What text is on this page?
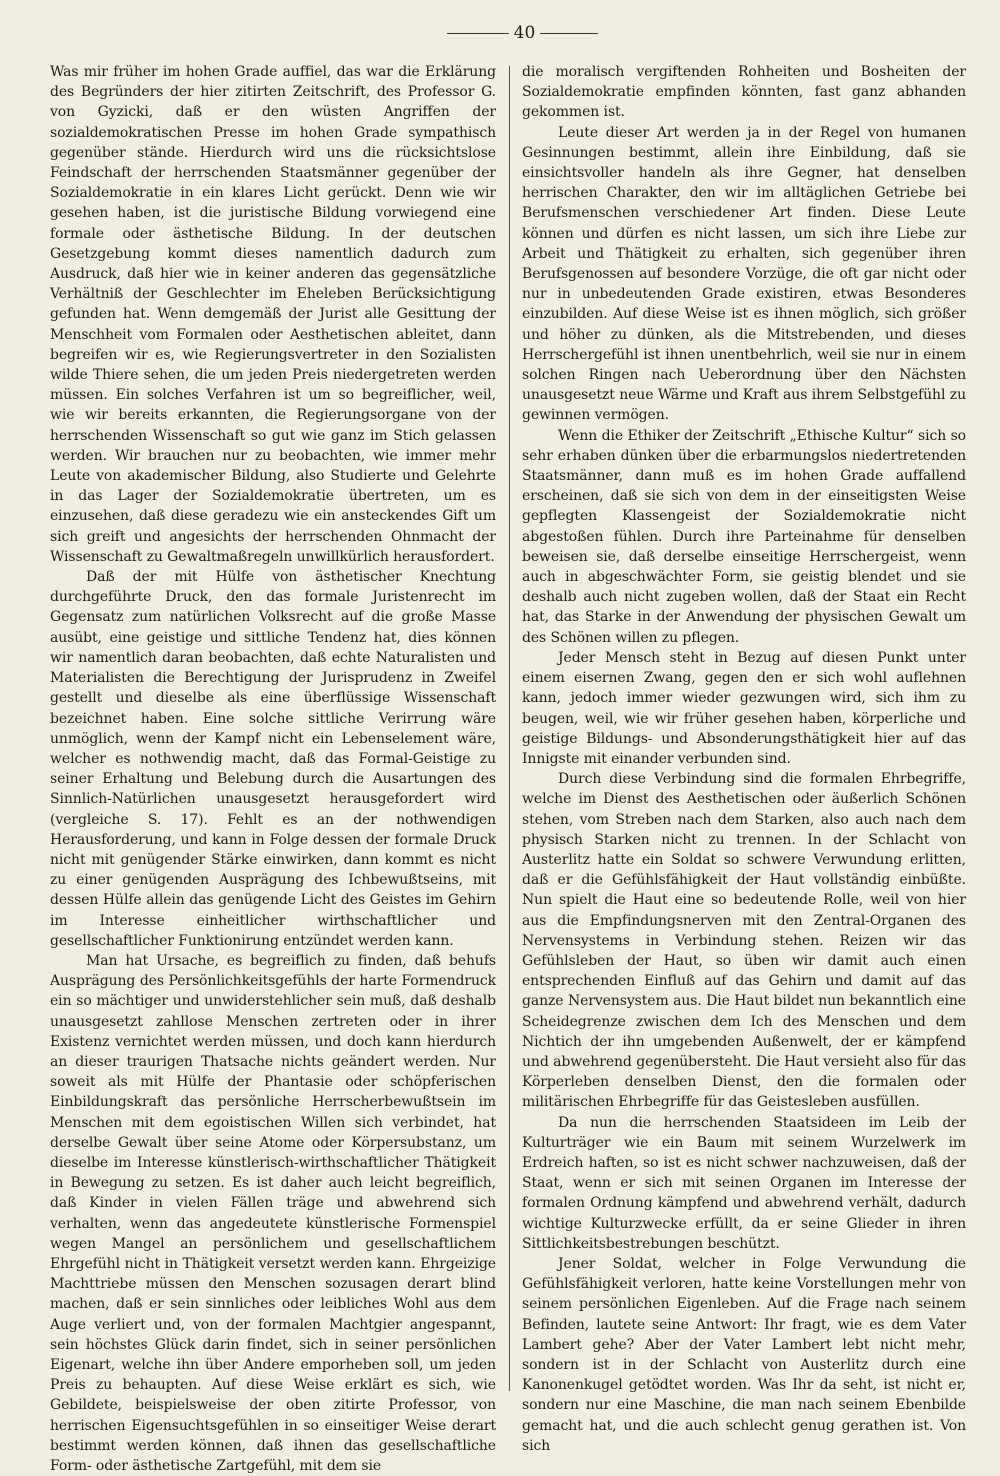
40

Was mir früher im hohen Grade auffiel, das war die Erklärung des Begründers der hier zitirten Zeitschrift, des Professor G. von Gyzicki, daß er den wüsten Angriffen der sozialdemokratischen Presse im hohen Grade sympathisch gegenüber stände. Hierdurch wird uns die rücksichtslose Feindschaft der herrschenden Staatsmänner gegenüber der Sozialdemokratie in ein klares Licht gerückt. Denn wie wir gesehen haben, ist die juristische Bildung vorwiegend eine formale oder ästhetische Bildung. In der deutschen Gesetzgebung kommt dieses namentlich dadurch zum Ausdruck, daß hier wie in keiner anderen das gegensätzliche Verhältniß der Geschlechter im Eheleben Berücksichtigung gefunden hat. Wenn demgemäß der Jurist alle Gesittung der Menschheit vom Formalen oder Aesthetischen ableitet, dann begreifen wir es, wie Regierungsvertreter in den Sozialisten wilde Thiere sehen, die um jeden Preis niedergetreten werden müssen. Ein solches Verfahren ist um so begreiflicher, weil, wie wir bereits erkannten, die Regierungsorgane von der herrschenden Wissenschaft so gut wie ganz im Stich gelassen werden. Wir brauchen nur zu beobachten, wie immer mehr Leute von akademischer Bildung, also Studierte und Gelehrte in das Lager der Sozialdemokratie übertreten, um es einzusehen, daß diese geradezu wie ein ansteckendes Gift um sich greift und angesichts der herrschenden Ohnmacht der Wissenschaft zu Gewaltmaßregeln unwillkürlich herausfordert.

Daß der mit Hülfe von ästhetischer Knechtung durchgeführte Druck, den das formale Juristenrecht im Gegensatz zum natürlichen Volksrecht auf die große Masse ausübt, eine geistige und sittliche Tendenz hat, dies können wir namentlich daran beobachten, daß echte Naturalisten und Materialisten die Berechtigung der Jurisprudenz in Zweifel gestellt und dieselbe als eine überflüssige Wissenschaft bezeichnet haben. Eine solche sittliche Verirrung wäre unmöglich, wenn der Kampf nicht ein Lebenselement wäre, welcher es nothwendig macht, daß das Formal-Geistige zu seiner Erhaltung und Belebung durch die Ausartungen des Sinnlich-Natürlichen unausgesetzt herausgefordert wird (vergleiche S. 17). Fehlt es an der nothwendigen Herausforderung, und kann in Folge dessen der formale Druck nicht mit genügender Stärke einwirken, dann kommt es nicht zu einer genügenden Ausprägung des Ichbewußtseins, mit dessen Hülfe allein das genügende Licht des Geistes im Gehirn im Interesse einheitlicher wirthschaftlicher und gesellschaftlicher Funktionirung entzündet werden kann.

Man hat Ursache, es begreiflich zu finden, daß behufs Ausprägung des Persönlichkeitsgefühls der harte Formendruck ein so mächtiger und unwiderstehlicher sein muß, daß deshalb unausgesetzt zahllose Menschen zertreten oder in ihrer Existenz vernichtet werden müssen, und doch kann hierdurch an dieser traurigen Thatsache nichts geändert werden. Nur soweit als mit Hülfe der Phantasie oder schöpferischen Einbildungskraft das persönliche Herrscherbewußtsein im Menschen mit dem egoistischen Willen sich verbindet, hat derselbe Gewalt über seine Atome oder Körpersubstanz, um dieselbe im Interesse künstlerisch-wirthschaftlicher Thätigkeit in Bewegung zu setzen. Es ist daher auch leicht begreiflich, daß Kinder in vielen Fällen träge und abwehrend sich verhalten, wenn das angedeutete künstlerische Formenspiel wegen Mangel an persönlichem und gesellschaftlichem Ehrgefühl nicht in Thätigkeit versetzt werden kann. Ehrgeizige Machttriebe müssen den Menschen sozusagen derart blind machen, daß er sein sinnliches oder leibliches Wohl aus dem Auge verliert und, von der formalen Machtgier angespannt, sein höchstes Glück darin findet, sich in seiner persönlichen Eigenart, welche ihn über Andere emporheben soll, um jeden Preis zu behaupten. Auf diese Weise erklärt es sich, wie Gebildete, beispielsweise der oben zitirte Professor, von herrischen Eigensuchtsgefühlen in so einseitiger Weise derart bestimmt werden können, daß ihnen das gesellschaftliche Form- oder ästhetische Zartgefühl, mit dem sie

die moralisch vergiftenden Rohheiten und Bosheiten der Sozialdemokratie empfinden könnten, fast ganz abhanden gekommen ist.

Leute dieser Art werden ja in der Regel von humanen Gesinnungen bestimmt, allein ihre Einbildung, daß sie einsichtsvoller handeln als ihre Gegner, hat denselben herrischen Charakter, den wir im alltäglichen Getriebe bei Berufsmenschen verschiedener Art finden. Diese Leute können und dürfen es nicht lassen, um sich ihre Liebe zur Arbeit und Thätigkeit zu erhalten, sich gegenüber ihren Berufsgenossen auf besondere Vorzüge, die oft gar nicht oder nur in unbedeutenden Grade existiren, etwas Besonderes einzubilden. Auf diese Weise ist es ihnen möglich, sich größer und höher zu dünken, als die Mitstrebenden, und dieses Herrschergefühl ist ihnen unentbehrlich, weil sie nur in einem solchen Ringen nach Ueberordnung über den Nächsten unausgesetzt neue Wärme und Kraft aus ihrem Selbstgefühl zu gewinnen vermögen.

Wenn die Ethiker der Zeitschrift „Ethische Kultur“ sich so sehr erhaben dünken über die erbarmungslos niedertretenden Staatsmänner, dann muß es im hohen Grade auffallend erscheinen, daß sie sich von dem in der einseitigsten Weise gepflegten Klassengeist der Sozialdemokratie nicht abgestoßen fühlen. Durch ihre Parteinahme für denselben beweisen sie, daß derselbe einseitige Herrschergeist, wenn auch in abgeschwächter Form, sie geistig blendet und sie deshalb auch nicht zugeben wollen, daß der Staat ein Recht hat, das Starke in der Anwendung der physischen Gewalt um des Schönen willen zu pflegen.

Jeder Mensch steht in Bezug auf diesen Punkt unter einem eisernen Zwang, gegen den er sich wohl auflehnen kann, jedoch immer wieder gezwungen wird, sich ihm zu beugen, weil, wie wir früher gesehen haben, körperliche und geistige Bildungs- und Absonderungsthätigkeit hier auf das Innigste mit einander verbunden sind.

Durch diese Verbindung sind die formalen Ehrbegriffe, welche im Dienst des Aesthetischen oder äußerlich Schönen stehen, vom Streben nach dem Starken, also auch nach dem physisch Starken nicht zu trennen. In der Schlacht von Austerlitz hatte ein Soldat so schwere Verwundung erlitten, daß er die Gefühlsfähigkeit der Haut vollständig einbüßte. Nun spielt die Haut eine so bedeutende Rolle, weil von hier aus die Empfindungsnerven mit den Zentral-Organen des Nervensystems in Verbindung stehen. Reizen wir das Gefühlsleben der Haut, so üben wir damit auch einen entsprechenden Einfluß auf das Gehirn und damit auf das ganze Nervensystem aus. Die Haut bildet nun bekanntlich eine Scheidegrenze zwischen dem Ich des Menschen und dem Nichtich der ihn umgebenden Außenwelt, der er kämpfend und abwehrend gegenübersteht. Die Haut versieht also für das Körperleben denselben Dienst, den die formalen oder militärischen Ehrbegriffe für das Geistesleben ausfüllen.

Da nun die herrschenden Staatsideen im Leib der Kulturträger wie ein Baum mit seinem Wurzelwerk im Erdreich haften, so ist es nicht schwer nachzuweisen, daß der Staat, wenn er sich mit seinen Organen im Interesse der formalen Ordnung kämpfend und abwehrend verhält, dadurch wichtige Kulturzwecke erfüllt, da er seine Glieder in ihren Sittlichkeitsbestrebungen beschützt.

Jener Soldat, welcher in Folge Verwundung die Gefühlsfähigkeit verloren, hatte keine Vorstellungen mehr von seinem persönlichen Eigenleben. Auf die Frage nach seinem Befinden, lautete seine Antwort: Ihr fragt, wie es dem Vater Lambert gehe? Aber der Vater Lambert lebt nicht mehr, sondern ist in der Schlacht von Austerlitz durch eine Kanonenkugel getödtet worden. Was Ihr da seht, ist nicht er, sondern nur eine Maschine, die man nach seinem Ebenbilde gemacht hat, und die auch schlecht genug gerathen ist. Von sich
